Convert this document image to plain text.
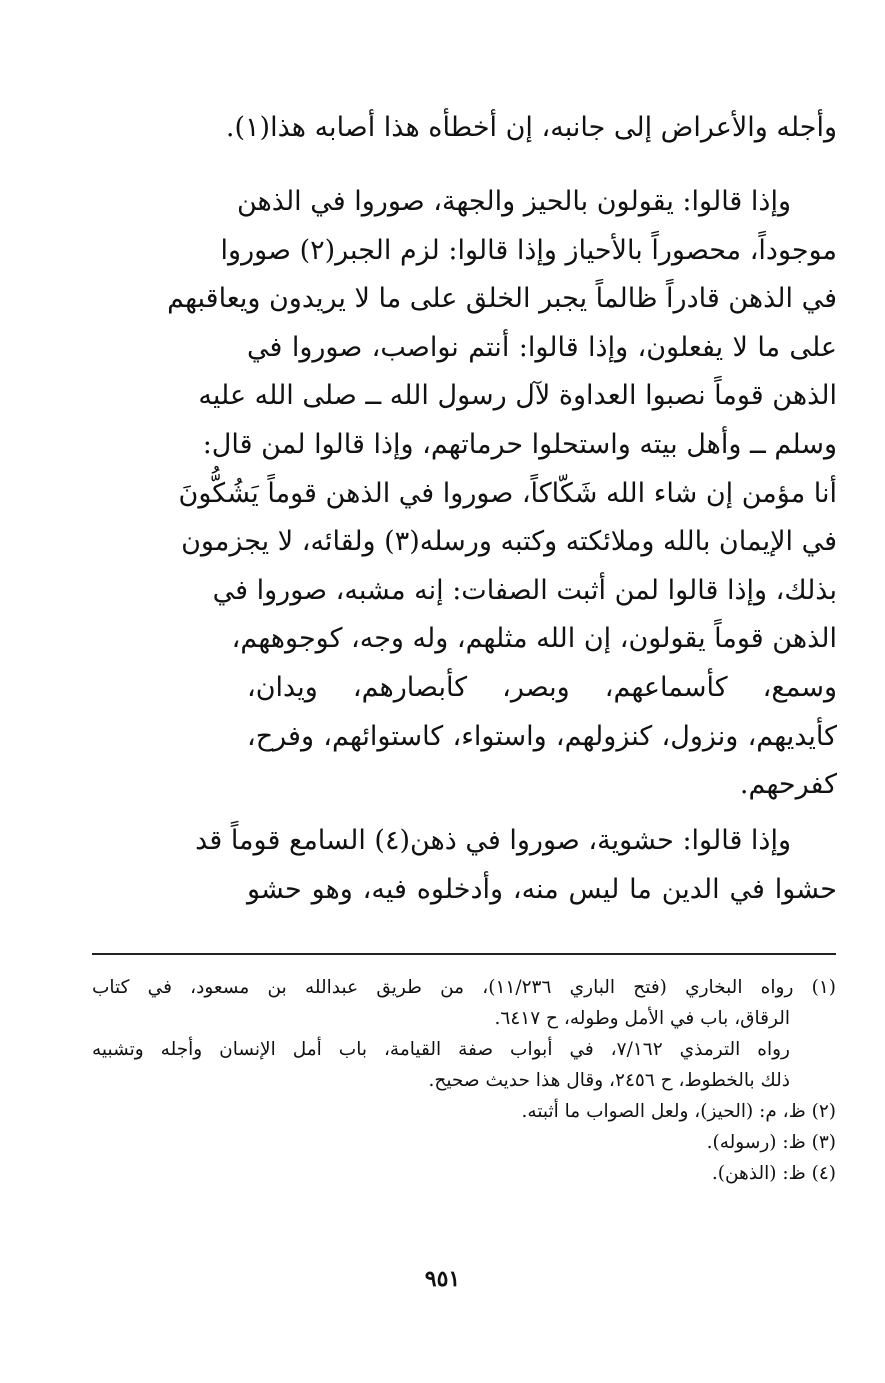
وأجله والأعراض إلى جانبه، إن أخطأه هذا أصابه هذا(١).
وإذا قالوا: يقولون بالحيز والجهة، صوروا في الذهن
موجوداً، محصوراً بالأحياز وإذا قالوا: لزم الجبر(٢) صوروا
في الذهن قادراً ظالماً يجبر الخلق على ما لا يريدون ويعاقبهم
على ما لا يفعلون، وإذا قالوا: أنتم نواصب، صوروا في
الذهن قوماً نصبوا العداوة لآل رسول الله ــ صلى الله عليه
وسلم ــ وأهل بيته واستحلوا حرماتهم، وإذا قالوا لمن قال:
أنا مؤمن إن شاء الله شَكّاكاً، صوروا في الذهن قوماً يَشُكُّونَ
في الإيمان بالله وملائكته وكتبه ورسله(٣) ولقائه، لا يجزمون
بذلك، وإذا قالوا لمن أثبت الصفات: إنه مشبه، صوروا في
الذهن قوماً يقولون، إن الله مثلهم، وله وجه، كوجوههم،
وسمع، كأسماعهم، وبصر، كأبصارهم، ويدان،
كأيديهم، ونزول، كنزولهم، واستواء، كاستوائهم، وفرح،
كفرحهم.
وإذا قالوا: حشوية، صوروا في ذهن(٤) السامع قوماً قد
حشوا في الدين ما ليس منه، وأدخلوه فيه، وهو حشو
(١) رواه البخاري (فتح الباري ١١/٢٣٦)، من طريق عبدالله بن مسعود، في كتاب
الرقاق، باب في الأمل وطوله، ح ٦٤١٧.
رواه الترمذي ٧/١٦٢، في أبواب صفة القيامة، باب أمل الإنسان وأجله وتشبيه
ذلك بالخطوط، ح ٢٤٥٦، وقال هذا حديث صحيح.
(٢) ظ، م: (الحيز)، ولعل الصواب ما أثبته.
(٣) ظ: (رسوله).
(٤) ظ: (الذهن).
٩٥١
